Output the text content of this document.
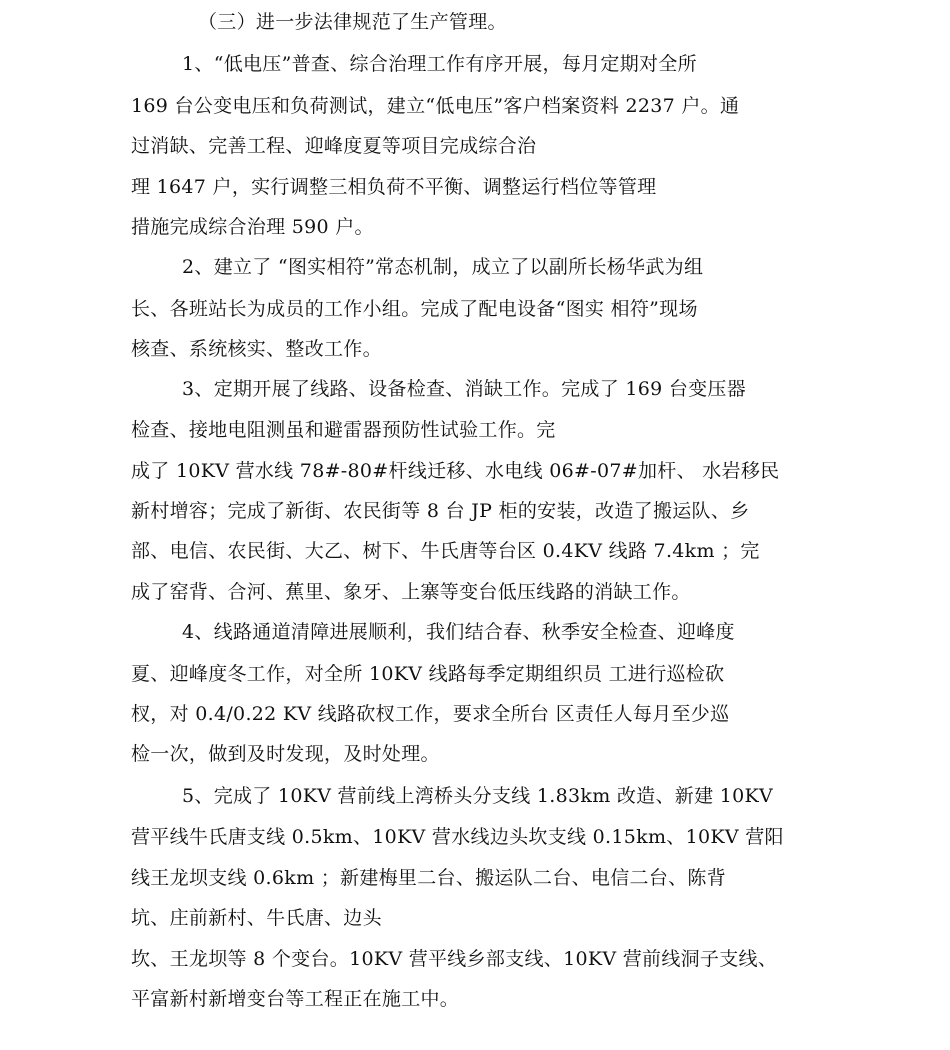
（三）进一步法律规范了生产管理。
1、“低电压”普查、综合治理工作有序开展，每月定期对全所
169 台公变电压和负荷测试，建立“低电压”客户档案资料 2237 户。通
过消缺、完善工程、迎峰度夏等项目完成综合治
理 1647 户，实行调整三相负荷不平衡、调整运行档位等管理
措施完成综合治理 590 户。
2、建立了 “图实相符”常态机制，成立了以副所长杨华武为组
长、各班站长为成员的工作小组。完成了配电设备“图实 相符”现场
核查、系统核实、整改工作。
3、定期开展了线路、设备检查、消缺工作。完成了 169 台变压器
检查、接地电阻测虽和避雷器预防性试验工作。完
成了 10KV 营水线 78#-80#杆线迁移、水电线 06#-07#加杆、 水岩移民
新村增容；完成了新街、农民街等 8 台 JP 柜的安装，改造了搬运队、乡
部、电信、农民街、大乙、树下、牛氏唐等台区 0.4KV 线路 7.4km ；完
成了窑背、合河、蕉里、象牙、上寨等变台低压线路的消缺工作。
4、线路通道清障进展顺利，我们结合春、秋季安全检查、迎峰度
夏、迎峰度冬工作，对全所 10KV 线路每季定期组织员 工进行巡检砍
杈，对 0.4/0.22 KV 线路砍杈工作，要求全所台 区责任人每月至少巡
检一次，做到及时发现，及时处理。
5、完成了 10KV 营前线上湾桥头分支线 1.83km 改造、新建 10KV
营平线牛氏唐支线 0.5km、10KV 营水线边头坎支线 0.15km、10KV 营阳
线王龙坝支线 0.6km ；新建梅里二台、搬运队二台、电信二台、陈背
坑、庄前新村、牛氏唐、边头
坎、王龙坝等 8 个变台。10KV 营平线乡部支线、10KV 营前线洞子支线、
平富新村新增变台等工程正在施工中。
